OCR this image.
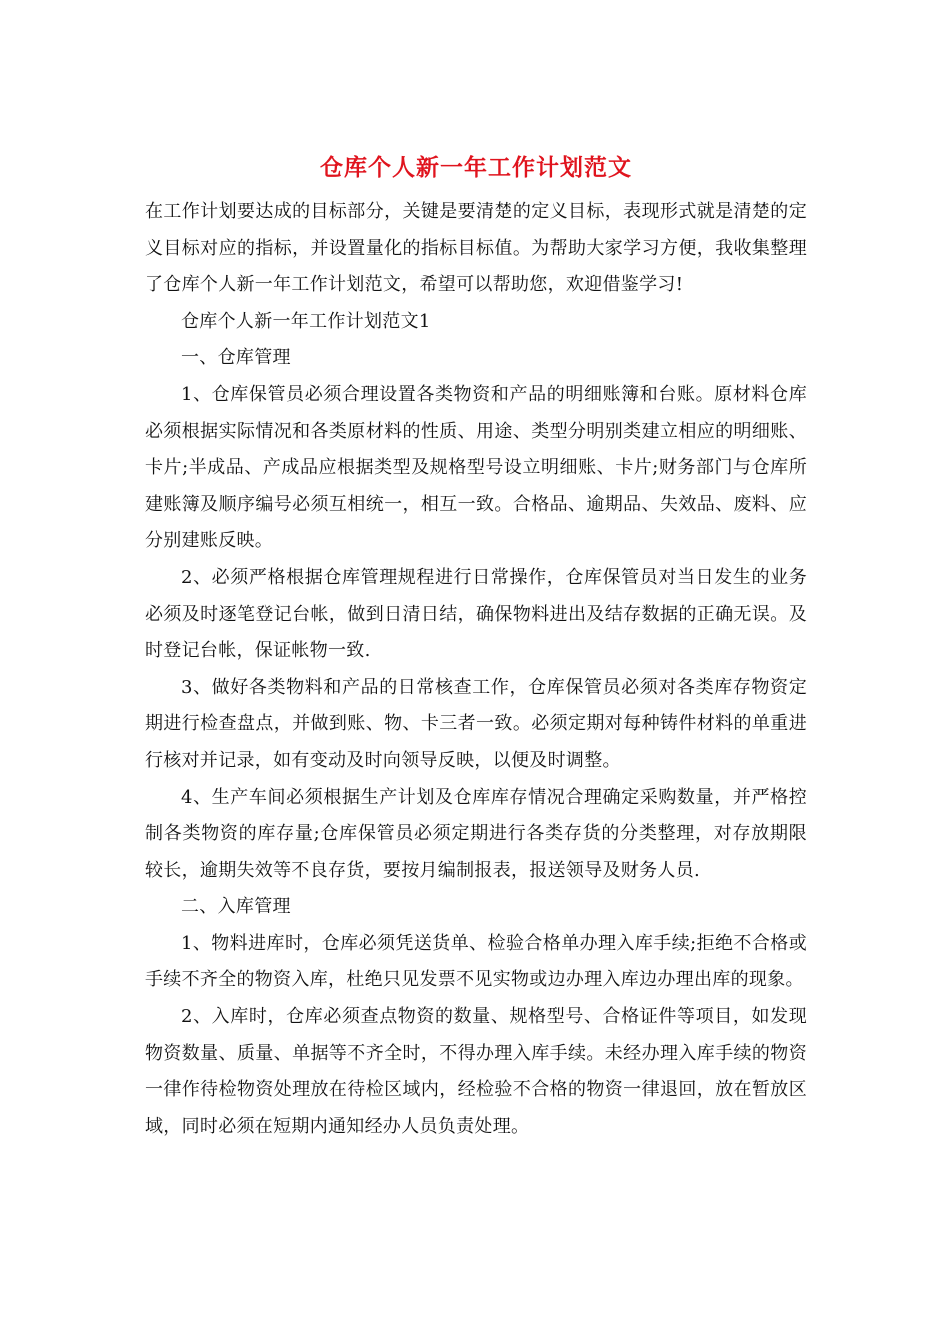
仓库个人新一年工作计划范文

在工作计划要达成的目标部分，关键是要清楚的定义目标，表现形式就是清楚的定义目标对应的指标，并设置量化的指标目标值。为帮助大家学习方便，我收集整理了仓库个人新一年工作计划范文，希望可以帮助您，欢迎借鉴学习!

仓库个人新一年工作计划范文1

一、仓库管理

1、仓库保管员必须合理设置各类物资和产品的明细账簿和台账。原材料仓库必须根据实际情况和各类原材料的性质、用途、类型分明别类建立相应的明细账、卡片;半成品、产成品应根据类型及规格型号设立明细账、卡片;财务部门与仓库所建账簿及顺序编号必须互相统一，相互一致。合格品、逾期品、失效品、废料、应分别建账反映。

2、必须严格根据仓库管理规程进行日常操作，仓库保管员对当日发生的业务必须及时逐笔登记台帐，做到日清日结，确保物料进出及结存数据的正确无误。及时登记台帐，保证帐物一致.

3、做好各类物料和产品的日常核查工作，仓库保管员必须对各类库存物资定期进行检查盘点，并做到账、物、卡三者一致。必须定期对每种铸件材料的单重进行核对并记录，如有变动及时向领导反映，以便及时调整。

4、生产车间必须根据生产计划及仓库库存情况合理确定采购数量，并严格控制各类物资的库存量;仓库保管员必须定期进行各类存货的分类整理，对存放期限较长，逾期失效等不良存货，要按月编制报表，报送领导及财务人员.

二、入库管理

1、物料进库时，仓库必须凭送货单、检验合格单办理入库手续;拒绝不合格或手续不齐全的物资入库，杜绝只见发票不见实物或边办理入库边办理出库的现象。

2、入库时，仓库必须查点物资的数量、规格型号、合格证件等项目，如发现物资数量、质量、单据等不齐全时，不得办理入库手续。未经办理入库手续的物资一律作待检物资处理放在待检区域内，经检验不合格的物资一律退回，放在暂放区域，同时必须在短期内通知经办人员负责处理。
